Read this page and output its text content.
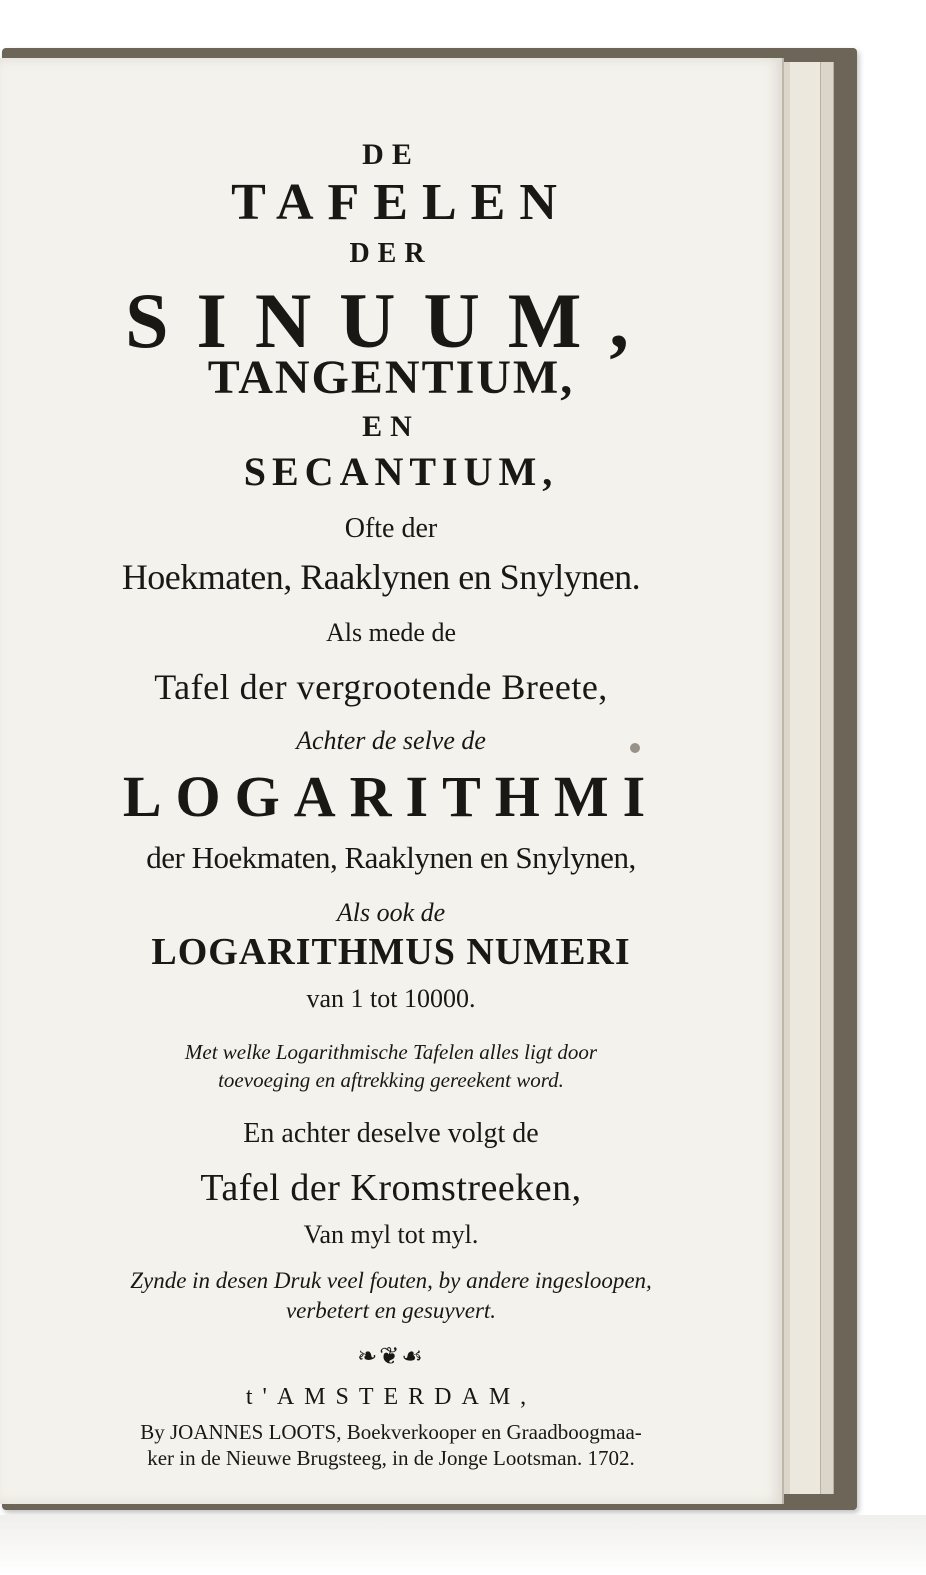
DE
TAFELEN
DER
SINUUM,
TANGENTIUM,
EN
SECANTIUM,
Ofte der
Hoekmaten, Raaklynen en Snylynen.
Als mede de
Tafel der vergrootende Breete,
Achter de selve de
LOGARITHMI
der Hoekmaten, Raaklynen en Snylynen,
Als ook de
LOGARITHMUS NUMERI
van 1 tot 10000.
Met welke Logarithmische Tafelen alles ligt door
toevoeging en aftrekking gereekent word.
En achter deselve volgt de
Tafel der Kromstreeken,
Van myl tot myl.
Zynde in desen Druk veel fouten, by andere ingesloopen,
verbetert en gesuyvert.
❧❦☙
t'AMSTERDAM,
By JOANNES LOOTS, Boekverkooper en Graadboogmaa-
ker in de Nieuwe Brugsteeg, in de Jonge Lootsman. 1702.
